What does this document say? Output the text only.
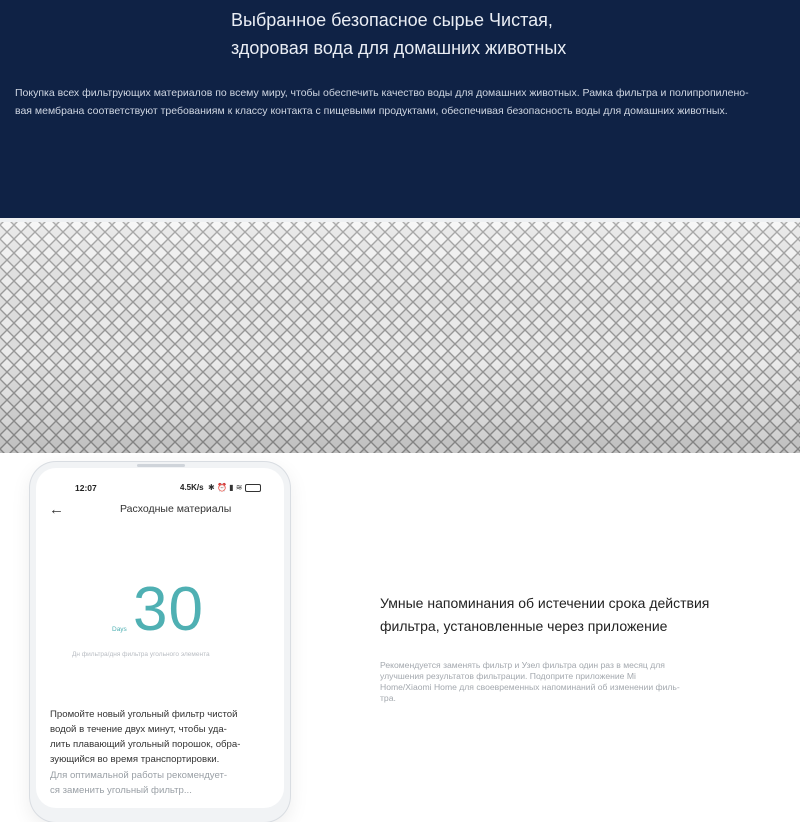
Выбранное безопасное сырье Чистая,
здоровая вода для домашних животных
Покупка всех фильтрующих материалов по всему миру, чтобы обеспечить качество воды для домашних животных. Рамка фильтра и полипропилено-
вая мембрана соответствуют требованиям к классу контакта с пищевыми продуктами, обеспечивая безопасность воды для домашних животных.
12:07	4.5K/s ✱ ⏰ ▮ ≋
←	Расходные материалы
Days 30
Дн фильтра/дня фильтра угольного элемента
Промойте новый угольный фильтр чистой
водой в течение двух минут, чтобы уда-
лить плавающий угольный порошок, обра-
зующийся во время транспортировки.
Для оптимальной работы рекомендует-
ся заменить угольный фильтр...
Умные напоминания об истечении срока действия
фильтра, установленные через приложение
Рекомендуется заменять фильтр и Узел фильтра один раз в месяц для
улучшения результатов фильтрации. Подоприте приложение Mi
Home/Xiaomi Home для своевременных напоминаний об изменении филь-
тра.
